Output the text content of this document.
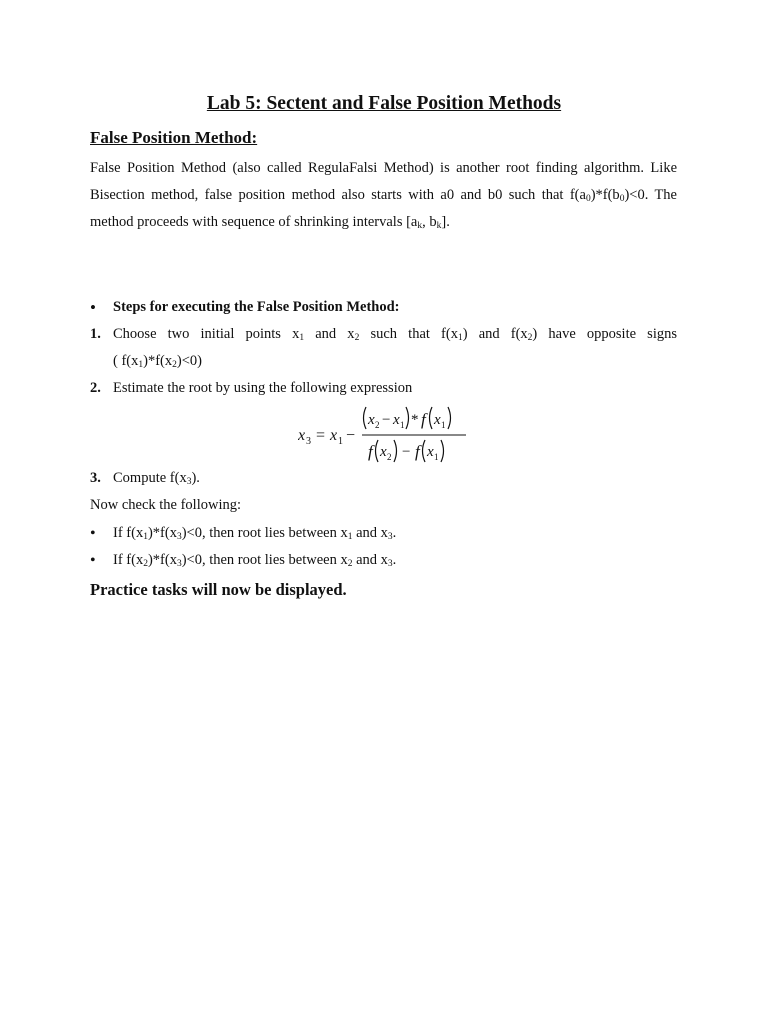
Lab 5: Sectent and False Position Methods
False Position Method:
False Position Method (also called RegulaFalsi Method) is another root finding algorithm. Like
Bisection method, false position method also starts with a0 and b0 such that $f(a_0)*f(b_0)<0$. The
method proceeds with sequence of shrinking intervals [$a_k$, $b_k$].
• Steps for executing the False Position Method:
1. Choose two initial points $x_1$ and $x_2$ such that $f(x_1)$ and $f(x_2)$ have opposite signs
( $f(x_1)*f(x_2)<0$)
2. Estimate the root by using the following expression
x 3 = x 1 −
x 2 − x 1 * f x 1
f x 2 − f x 1
3. Compute $f(x_3)$.
Now check the following:
• If $f(x_1)*f(x_3)<0$, then root lies between $x_1$ and $x_3$.
• If $f(x_2)*f(x_3)<0$, then root lies between $x_2$ and $x_3$.
Practice tasks will now be displayed.
